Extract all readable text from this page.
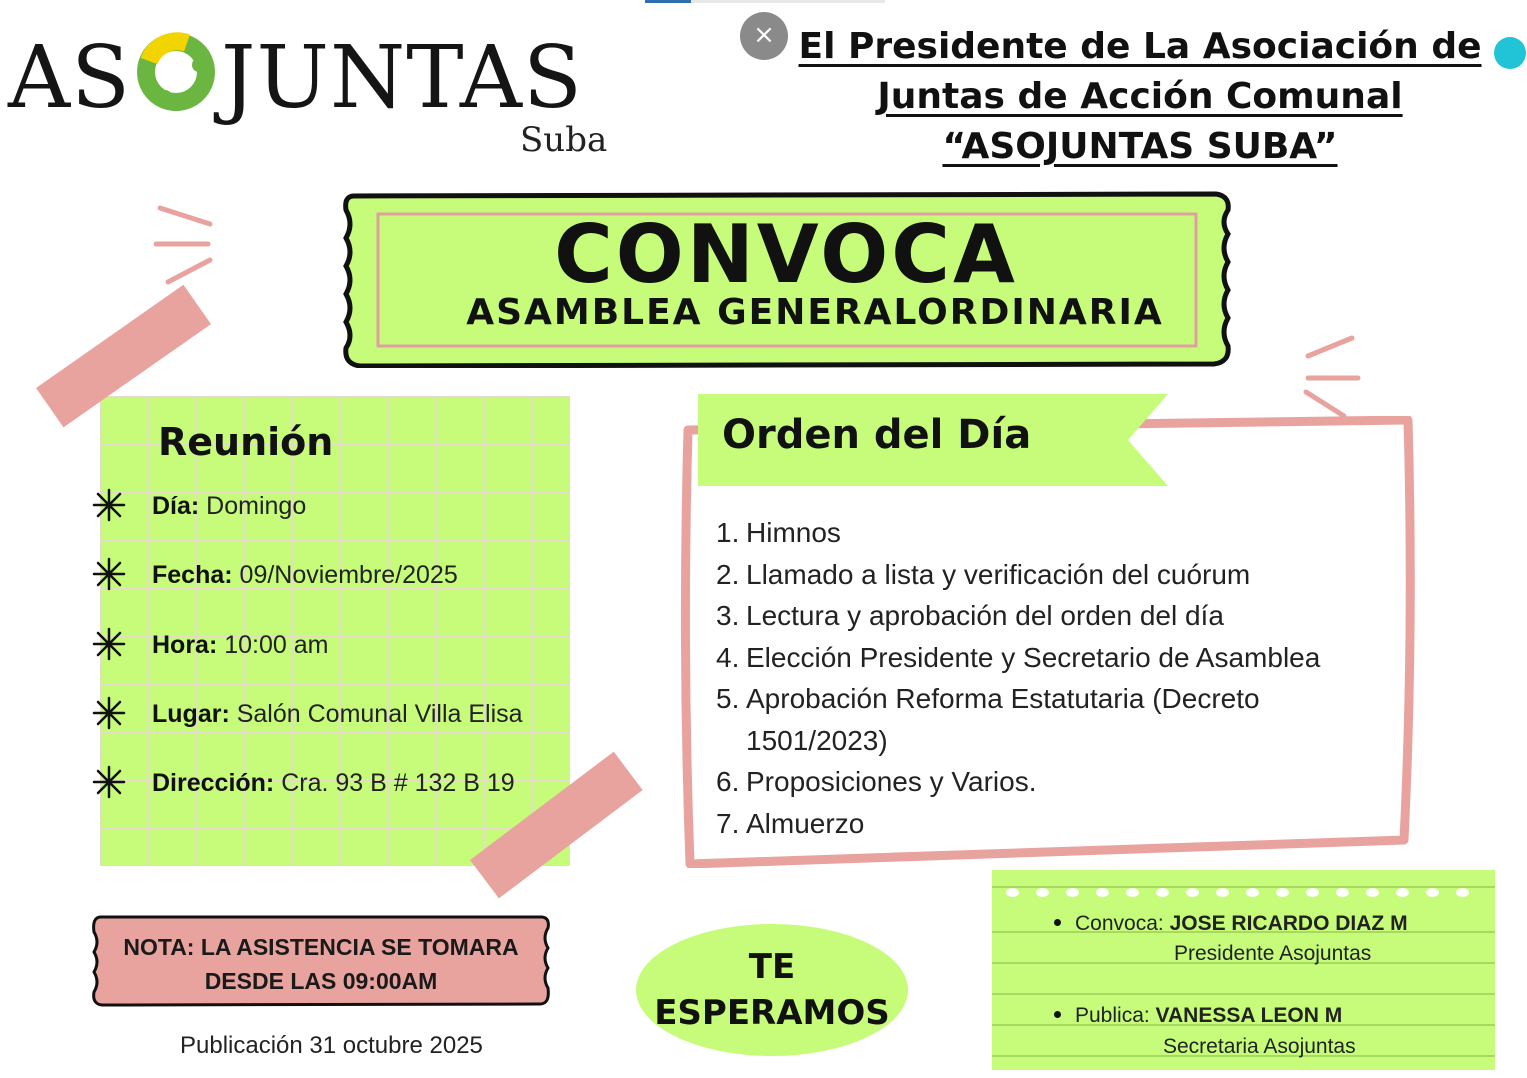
AS JUNTAS
Suba
× El Presidente de La Asociación de
Juntas de Acción Comunal
“ASOJUNTAS SUBA”
CONVOCA
ASAMBLEA GENERALORDINARIA
Reunión
Día: Domingo
Fecha: 09/Noviembre/2025
Hora: 10:00 am
Lugar: Salón Comunal Villa Elisa
Dirección: Cra. 93 B # 132 B 19
Orden del Día
1. Himnos
2. Llamado a lista y verificación del cuórum
3. Lectura y aprobación del orden del día
4. Elección Presidente y Secretario de Asamblea
5. Aprobación Reforma Estatutaria (Decreto 1501/2023)
6. Proposiciones y Varios.
7. Almuerzo
NOTA: LA ASISTENCIA SE TOMARA
DESDE LAS 09:00AM
Publicación 31 octubre 2025
TE
ESPERAMOS
Convoca: JOSE RICARDO DIAZ M
Presidente Asojuntas
Publica: VANESSA LEON M
Secretaria Asojuntas
